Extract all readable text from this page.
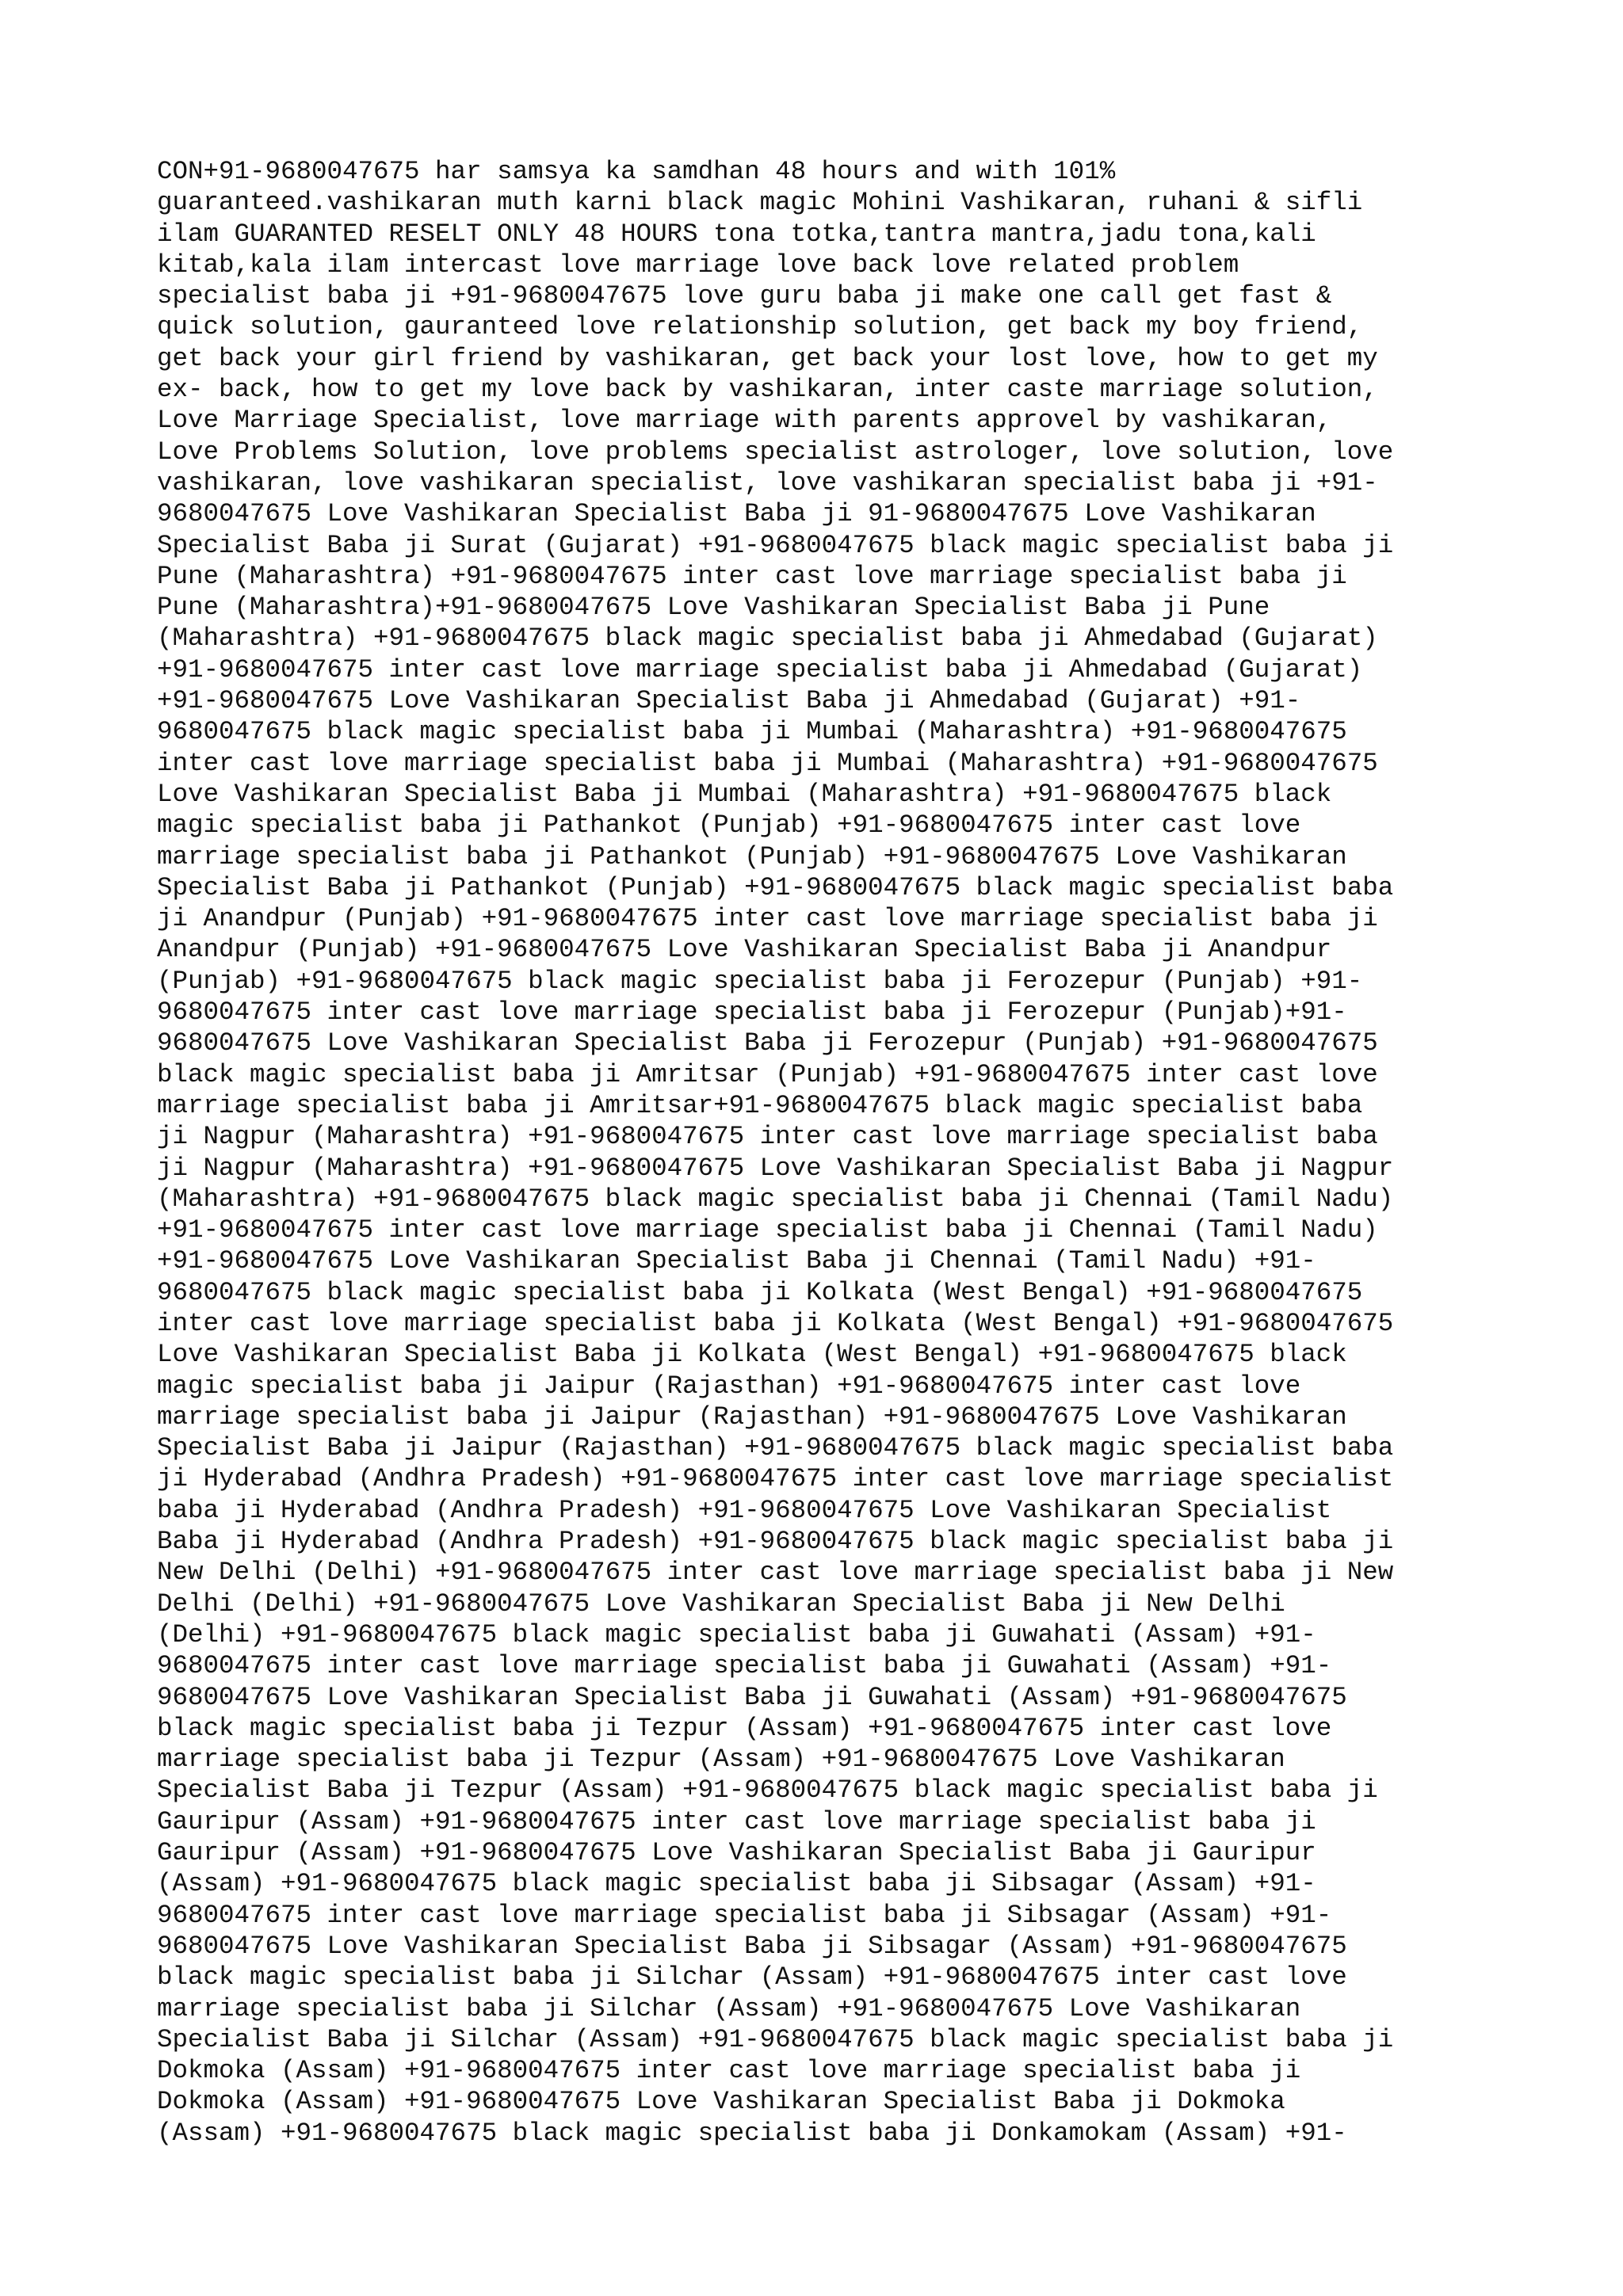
CON+91-9680047675 har samsya ka samdhan 48 hours and with 101%
guaranteed.vashikaran muth karni black magic Mohini Vashikaran, ruhani & sifli
ilam GUARANTED RESELT ONLY 48 HOURS tona totka,tantra mantra,jadu tona,kali
kitab,kala ilam intercast love marriage love back love related problem
specialist baba ji +91-9680047675 love guru baba ji make one call get fast &
quick solution, gauranteed love relationship solution, get back my boy friend,
get back your girl friend by vashikaran, get back your lost love, how to get my
ex- back, how to get my love back by vashikaran, inter caste marriage solution,
Love Marriage Specialist, love marriage with parents approvel by vashikaran,
Love Problems Solution, love problems specialist astrologer, love solution, love
vashikaran, love vashikaran specialist, love vashikaran specialist baba ji +91-
9680047675 Love Vashikaran Specialist Baba ji 91-9680047675 Love Vashikaran
Specialist Baba ji Surat (Gujarat) +91-9680047675 black magic specialist baba ji
Pune (Maharashtra) +91-9680047675 inter cast love marriage specialist baba ji
Pune (Maharashtra)+91-9680047675 Love Vashikaran Specialist Baba ji Pune
(Maharashtra) +91-9680047675 black magic specialist baba ji Ahmedabad (Gujarat)
+91-9680047675 inter cast love marriage specialist baba ji Ahmedabad (Gujarat)
+91-9680047675 Love Vashikaran Specialist Baba ji Ahmedabad (Gujarat) +91-
9680047675 black magic specialist baba ji Mumbai (Maharashtra) +91-9680047675
inter cast love marriage specialist baba ji Mumbai (Maharashtra) +91-9680047675
Love Vashikaran Specialist Baba ji Mumbai (Maharashtra) +91-9680047675 black
magic specialist baba ji Pathankot (Punjab) +91-9680047675 inter cast love
marriage specialist baba ji Pathankot (Punjab) +91-9680047675 Love Vashikaran
Specialist Baba ji Pathankot (Punjab) +91-9680047675 black magic specialist baba
ji Anandpur (Punjab) +91-9680047675 inter cast love marriage specialist baba ji
Anandpur (Punjab) +91-9680047675 Love Vashikaran Specialist Baba ji Anandpur
(Punjab) +91-9680047675 black magic specialist baba ji Ferozepur (Punjab) +91-
9680047675 inter cast love marriage specialist baba ji Ferozepur (Punjab)+91-
9680047675 Love Vashikaran Specialist Baba ji Ferozepur (Punjab) +91-9680047675
black magic specialist baba ji Amritsar (Punjab) +91-9680047675 inter cast love
marriage specialist baba ji Amritsar+91-9680047675 black magic specialist baba
ji Nagpur (Maharashtra) +91-9680047675 inter cast love marriage specialist baba
ji Nagpur (Maharashtra) +91-9680047675 Love Vashikaran Specialist Baba ji Nagpur
(Maharashtra) +91-9680047675 black magic specialist baba ji Chennai (Tamil Nadu)
+91-9680047675 inter cast love marriage specialist baba ji Chennai (Tamil Nadu)
+91-9680047675 Love Vashikaran Specialist Baba ji Chennai (Tamil Nadu) +91-
9680047675 black magic specialist baba ji Kolkata (West Bengal) +91-9680047675
inter cast love marriage specialist baba ji Kolkata (West Bengal) +91-9680047675
Love Vashikaran Specialist Baba ji Kolkata (West Bengal) +91-9680047675 black
magic specialist baba ji Jaipur (Rajasthan) +91-9680047675 inter cast love
marriage specialist baba ji Jaipur (Rajasthan) +91-9680047675 Love Vashikaran
Specialist Baba ji Jaipur (Rajasthan) +91-9680047675 black magic specialist baba
ji Hyderabad (Andhra Pradesh) +91-9680047675 inter cast love marriage specialist
baba ji Hyderabad (Andhra Pradesh) +91-9680047675 Love Vashikaran Specialist
Baba ji Hyderabad (Andhra Pradesh) +91-9680047675 black magic specialist baba ji
New Delhi (Delhi) +91-9680047675 inter cast love marriage specialist baba ji New
Delhi (Delhi) +91-9680047675 Love Vashikaran Specialist Baba ji New Delhi
(Delhi) +91-9680047675 black magic specialist baba ji Guwahati (Assam) +91-
9680047675 inter cast love marriage specialist baba ji Guwahati (Assam) +91-
9680047675 Love Vashikaran Specialist Baba ji Guwahati (Assam) +91-9680047675
black magic specialist baba ji Tezpur (Assam) +91-9680047675 inter cast love
marriage specialist baba ji Tezpur (Assam) +91-9680047675 Love Vashikaran
Specialist Baba ji Tezpur (Assam) +91-9680047675 black magic specialist baba ji
Gauripur (Assam) +91-9680047675 inter cast love marriage specialist baba ji
Gauripur (Assam) +91-9680047675 Love Vashikaran Specialist Baba ji Gauripur
(Assam) +91-9680047675 black magic specialist baba ji Sibsagar (Assam) +91-
9680047675 inter cast love marriage specialist baba ji Sibsagar (Assam) +91-
9680047675 Love Vashikaran Specialist Baba ji Sibsagar (Assam) +91-9680047675
black magic specialist baba ji Silchar (Assam) +91-9680047675 inter cast love
marriage specialist baba ji Silchar (Assam) +91-9680047675 Love Vashikaran
Specialist Baba ji Silchar (Assam) +91-9680047675 black magic specialist baba ji
Dokmoka (Assam) +91-9680047675 inter cast love marriage specialist baba ji
Dokmoka (Assam) +91-9680047675 Love Vashikaran Specialist Baba ji Dokmoka
(Assam) +91-9680047675 black magic specialist baba ji Donkamokam (Assam) +91-
